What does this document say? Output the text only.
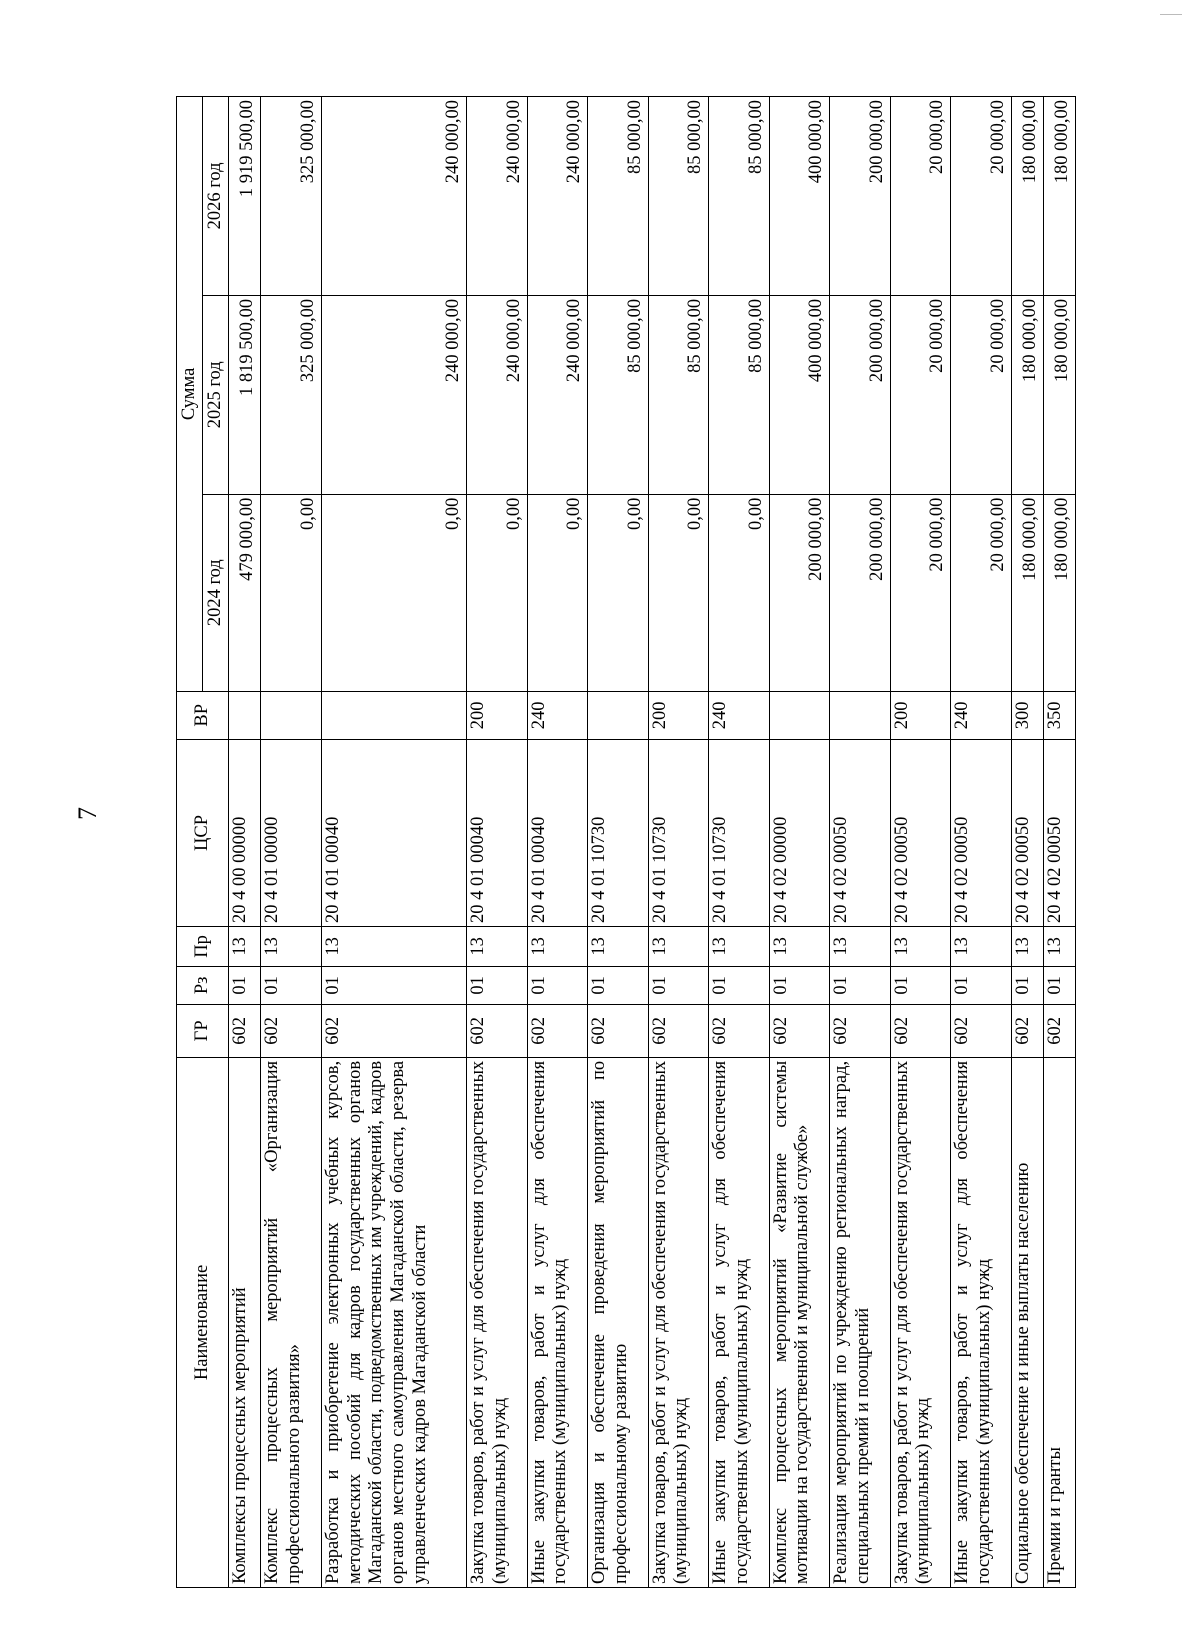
7
Наименование	ГР	Рз	Пр	ЦСР	ВР	Сумма		
						2024 год	2025 год	2026 год
Комплексы процессных мероприятий	602	01	13	20 4 00 00000		479 000,00	1 819 500,00	1 919 500,00
Комплекс процессных мероприятий «Организация профессионального развития»	602	01	13	20 4 01 00000		0,00	325 000,00	325 000,00
Разработка и приобретение электронных учебных курсов, методических пособий для кадров государственных органов Магаданской области, подведомственных им учреждений, кадров органов местного самоуправления Магаданской области, резерва управленческих кадров Магаданской области	602	01	13	20 4 01 00040		0,00	240 000,00	240 000,00
Закупка товаров, работ и услуг для обеспечения государственных (муниципальных) нужд	602	01	13	20 4 01 00040	200	0,00	240 000,00	240 000,00
Иные закупки товаров, работ и услуг для обеспечения государственных (муниципальных) нужд	602	01	13	20 4 01 00040	240	0,00	240 000,00	240 000,00
Организация и обеспечение проведения мероприятий по профессиональному развитию	602	01	13	20 4 01 10730		0,00	85 000,00	85 000,00
Закупка товаров, работ и услуг для обеспечения государственных (муниципальных) нужд	602	01	13	20 4 01 10730	200	0,00	85 000,00	85 000,00
Иные закупки товаров, работ и услуг для обеспечения государственных (муниципальных) нужд	602	01	13	20 4 01 10730	240	0,00	85 000,00	85 000,00
Комплекс процессных мероприятий «Развитие системы мотивации на государственной и муниципальной службе»	602	01	13	20 4 02 00000		200 000,00	400 000,00	400 000,00
Реализация мероприятий по учреждению региональных наград, специальных премий и поощрений	602	01	13	20 4 02 00050		200 000,00	200 000,00	200 000,00
Закупка товаров, работ и услуг для обеспечения государственных (муниципальных) нужд	602	01	13	20 4 02 00050	200	20 000,00	20 000,00	20 000,00
Иные закупки товаров, работ и услуг для обеспечения государственных (муниципальных) нужд	602	01	13	20 4 02 00050	240	20 000,00	20 000,00	20 000,00
Социальное обеспечение и иные выплаты населению	602	01	13	20 4 02 00050	300	180 000,00	180 000,00	180 000,00
Премии и гранты	602	01	13	20 4 02 00050	350	180 000,00	180 000,00	180 000,00
